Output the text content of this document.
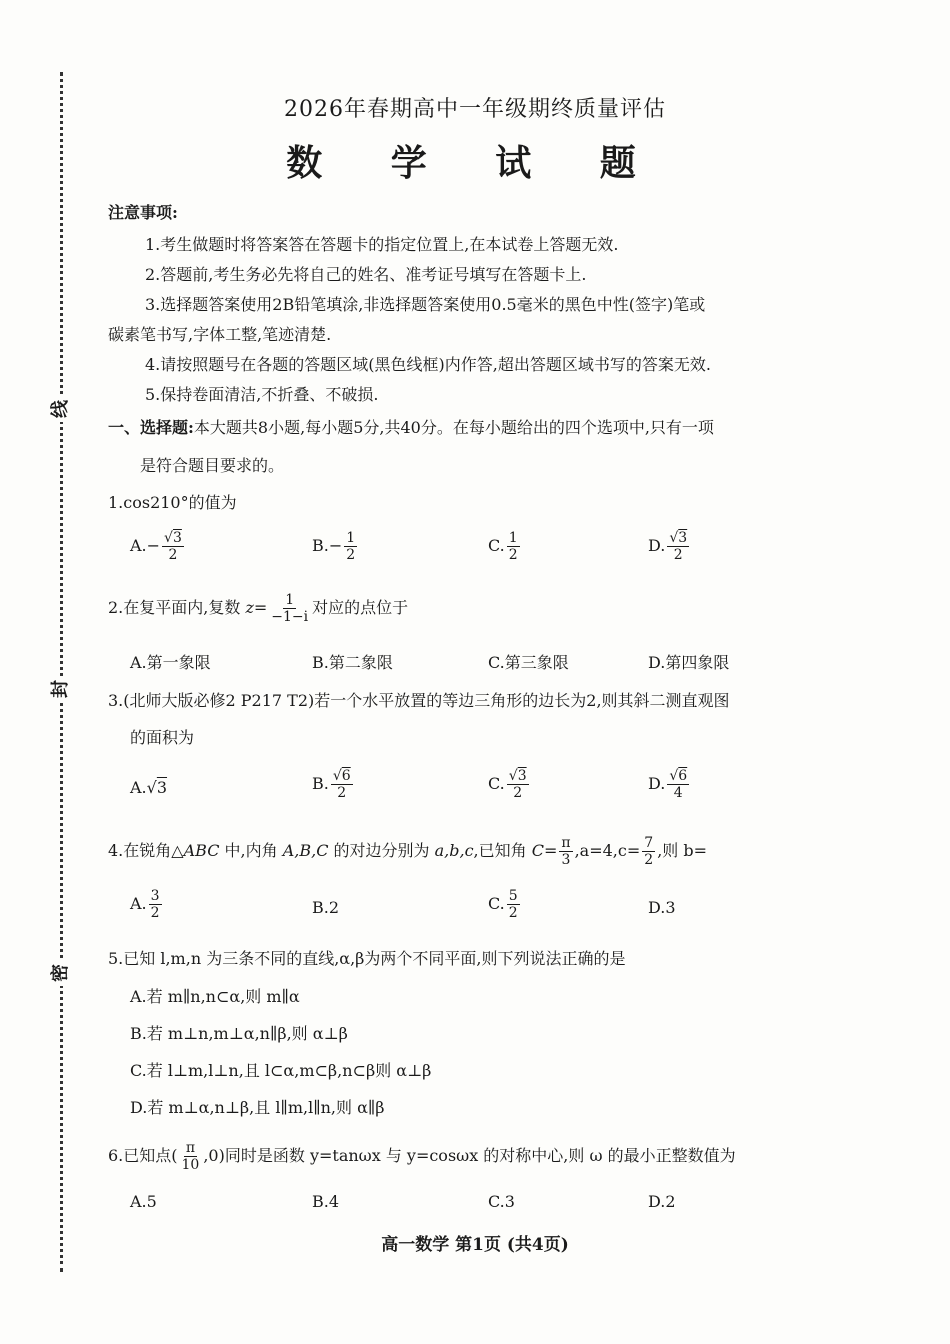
线
封
密
2026年春期高中一年级期终质量评估
数 学 试 题
注意事项:
1.考生做题时将答案答在答题卡的指定位置上,在本试卷上答题无效.
2.答题前,考生务必先将自己的姓名、准考证号填写在答题卡上.
3.选择题答案使用2B铅笔填涂,非选择题答案使用0.5毫米的黑色中性(签字)笔或
碳素笔书写,字体工整,笔迹清楚.
4.请按照题号在各题的答题区域(黑色线框)内作答,超出答题区域书写的答案无效.
5.保持卷面清洁,不折叠、不破损.
一、选择题:本大题共8小题,每小题5分,共40分。在每小题给出的四个选项中,只有一项
是符合题目要求的。
1.cos210°的值为
$A.- \frac{√3}{2}$	$B.- \frac{1}{2}$	C. $\frac{1}{2}$	D. $\frac{√3}{2}$
2.在复平面内,复数 $z= \frac{1}{-1-i}$ 对应的点位于
A.第一象限	B.第二象限	C.第三象限	D.第四象限
3.(北师大版必修2 P217 T2)若一个水平放置的等边三角形的边长为2,则其斜二测直观图
的面积为
A.√3	B. $\frac{√6}{2}$	C. $\frac{√3}{2}$	D. $\frac{√6}{4}$
4.在锐角△ABC 中,内角 A,B,C 的对边分别为 a,b,c,已知角 $C= \frac{\pi}{3} ,a=4,c= \frac{7}{2}$ ,则 b=
A. $\frac{3}{2}$	B.2	C. $\frac{5}{2}$	D.3
5.已知 l,m,n 为三条不同的直线,α,β为两个不同平面,则下列说法正确的是
A.若 m∥n,n⊂α,则 m∥α
B.若 m⊥n,m⊥α,n∥β,则 α⊥β
C.若 l⊥m,l⊥n,且 l⊂α,m⊂β,n⊂β则 α⊥β
D.若 m⊥α,n⊥β,且 l∥m,l∥n,则 α∥β
6.已知点( $\frac{\pi}{10} ,0$)同时是函数 y=tanωx 与 y=cosωx 的对称中心,则 ω 的最小正整数值为
A.5	B.4	C.3	D.2
高一数学 第1页 (共4页)
